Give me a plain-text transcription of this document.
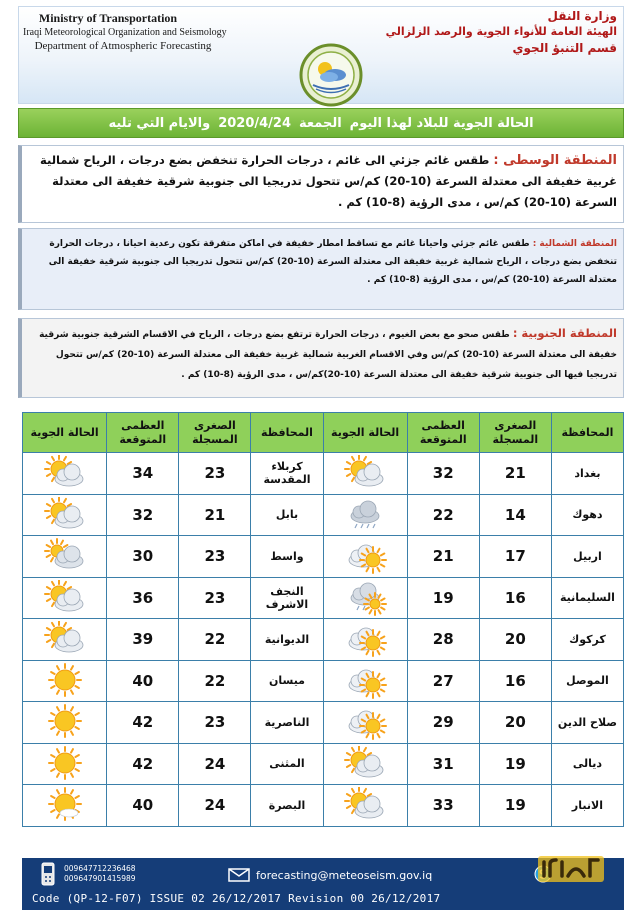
Ministry of Transportation
Iraqi Meteorological Organization and Seismology
Department of Atmospheric Forecasting
وزارة النقل
الهيئة العامة للأنواء الجوية والرصد الزلزالي
قسم التنبؤ الجوي
الحالة الجوية للبلاد لهذا اليوم
الجمعة
2020/4/24
والايام التي تليه
المنطقة الوسطى : طقس غائم جزئي الى غائم ، درجات الحرارة تنخفض بضع درجات ، الرياح شمالية غربية خفيفة الى معتدلة السرعة (10-20) كم/س تتحول تدريجيا الى جنوبية شرقية خفيفة الى معتدلة السرعة (10-20) كم/س ، مدى الرؤية (8-10) كم .
المنطقة الشمالية : طقس غائم جزئي واحيانا غائم مع تساقط امطار خفيفة في اماكن متفرقة تكون رعدية احيانا ، درجات الحرارة تنخفض بضع درجات ، الرياح شمالية غربية خفيفة الى معتدلة السرعة (10-20) كم/س تتحول تدريجيا الى جنوبية شرقية خفيفة الى معتدلة السرعة (10-20) كم/س ، مدى الرؤية (8-10) كم .
المنطقة الجنوبية : طقس صحو مع بعض الغيوم ، درجات الحرارة ترتفع بضع درجات ، الرياح في الاقسام الشرقية جنوبية شرقية خفيفة الى معتدلة السرعة (10-20) كم/س وفي الاقسام الغربية شمالية غربية خفيفة الى معتدلة السرعة (10-20) كم/س تتحول تدريجيا فيها الى جنوبية شرقية خفيفة الى معتدلة السرعة (10-20)كم/س ، مدى الرؤية (8-10) كم .
المحافظة	الصغرى المسجلة	العظمى المتوقعة	الحالة الجوية	المحافظة	الصغرى المسجلة	العظمى المتوقعة	الحالة الجوية
بغداد	21	32		كربلاء المقدسة	23	34	

دهوك	14	22		بابل	21	32	

اربيل	17	21		واسط	23	30	

السليمانية	16	19		النجف الاشرف	23	36	

كركوك	20	28		الديوانية	22	39	

الموصل	16	27		ميسان	22	40	

صلاح الدين	20	29		الناصرية	23	42	

ديالى	19	31		المثنى	24	42	

الانبار	19	33		البصرة	24	40	
009647712236468
009647901415989	forecasting@meteoseism.gov.iq
Code (QP-12-F07) ISSUE 02 26/12/2017 Revision 00 26/12/2017
